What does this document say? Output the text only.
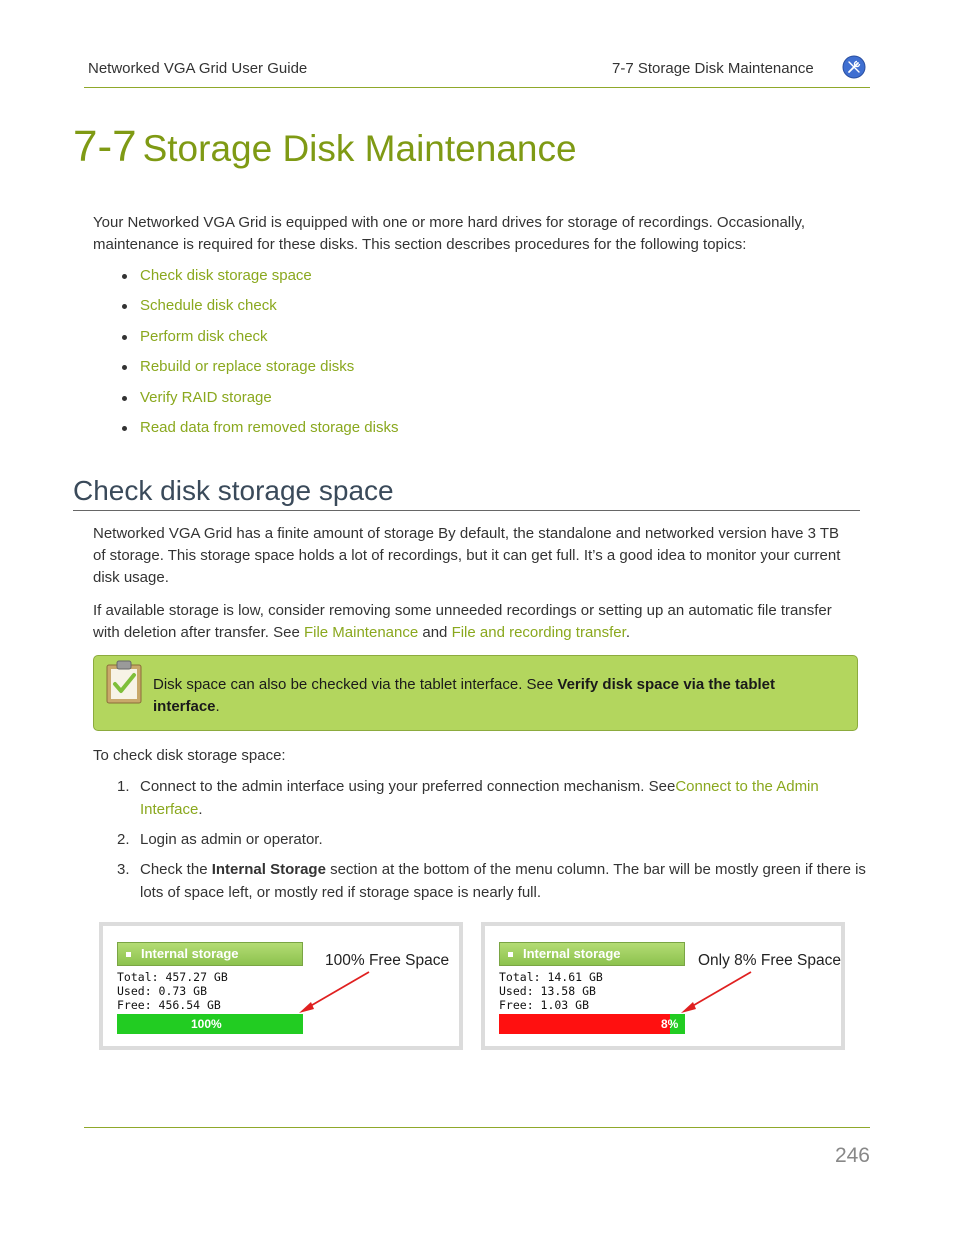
Networked VGA Grid User Guide	7-7 Storage Disk Maintenance
7-7 Storage Disk Maintenance
Your Networked VGA Grid is equipped with one or more hard drives for storage of recordings. Occasionally, maintenance is required for these disks. This section describes procedures for the following topics:
Check disk storage space
Schedule disk check
Perform disk check
Rebuild or replace storage disks
Verify RAID storage
Read data from removed storage disks
Check disk storage space
Networked VGA Grid has a finite amount of storage By default, the standalone and networked version have 3 TB of storage. This storage space holds a lot of recordings, but it can get full. It’s a good idea to monitor your current disk usage.
If available storage is low, consider removing some unneeded recordings or setting up an automatic file transfer with deletion after transfer. See File Maintenance and File and recording transfer.
Disk space can also be checked via the tablet interface. See Verify disk space via the tablet interface.
To check disk storage space:
1. Connect to the admin interface using your preferred connection mechanism. SeeConnect to the Admin Interface.
2. Login as admin or operator.
3. Check the Internal Storage section at the bottom of the menu column. The bar will be mostly green if there is lots of space left, or mostly red if storage space is nearly full.
Internal storage
Total: 457.27 GB
Used: 0.73 GB
Free: 456.54 GB
100%
100% Free Space	Internal storage
Total: 14.61 GB
Used: 13.58 GB
Free: 1.03 GB
8%
Only 8% Free Space
246
